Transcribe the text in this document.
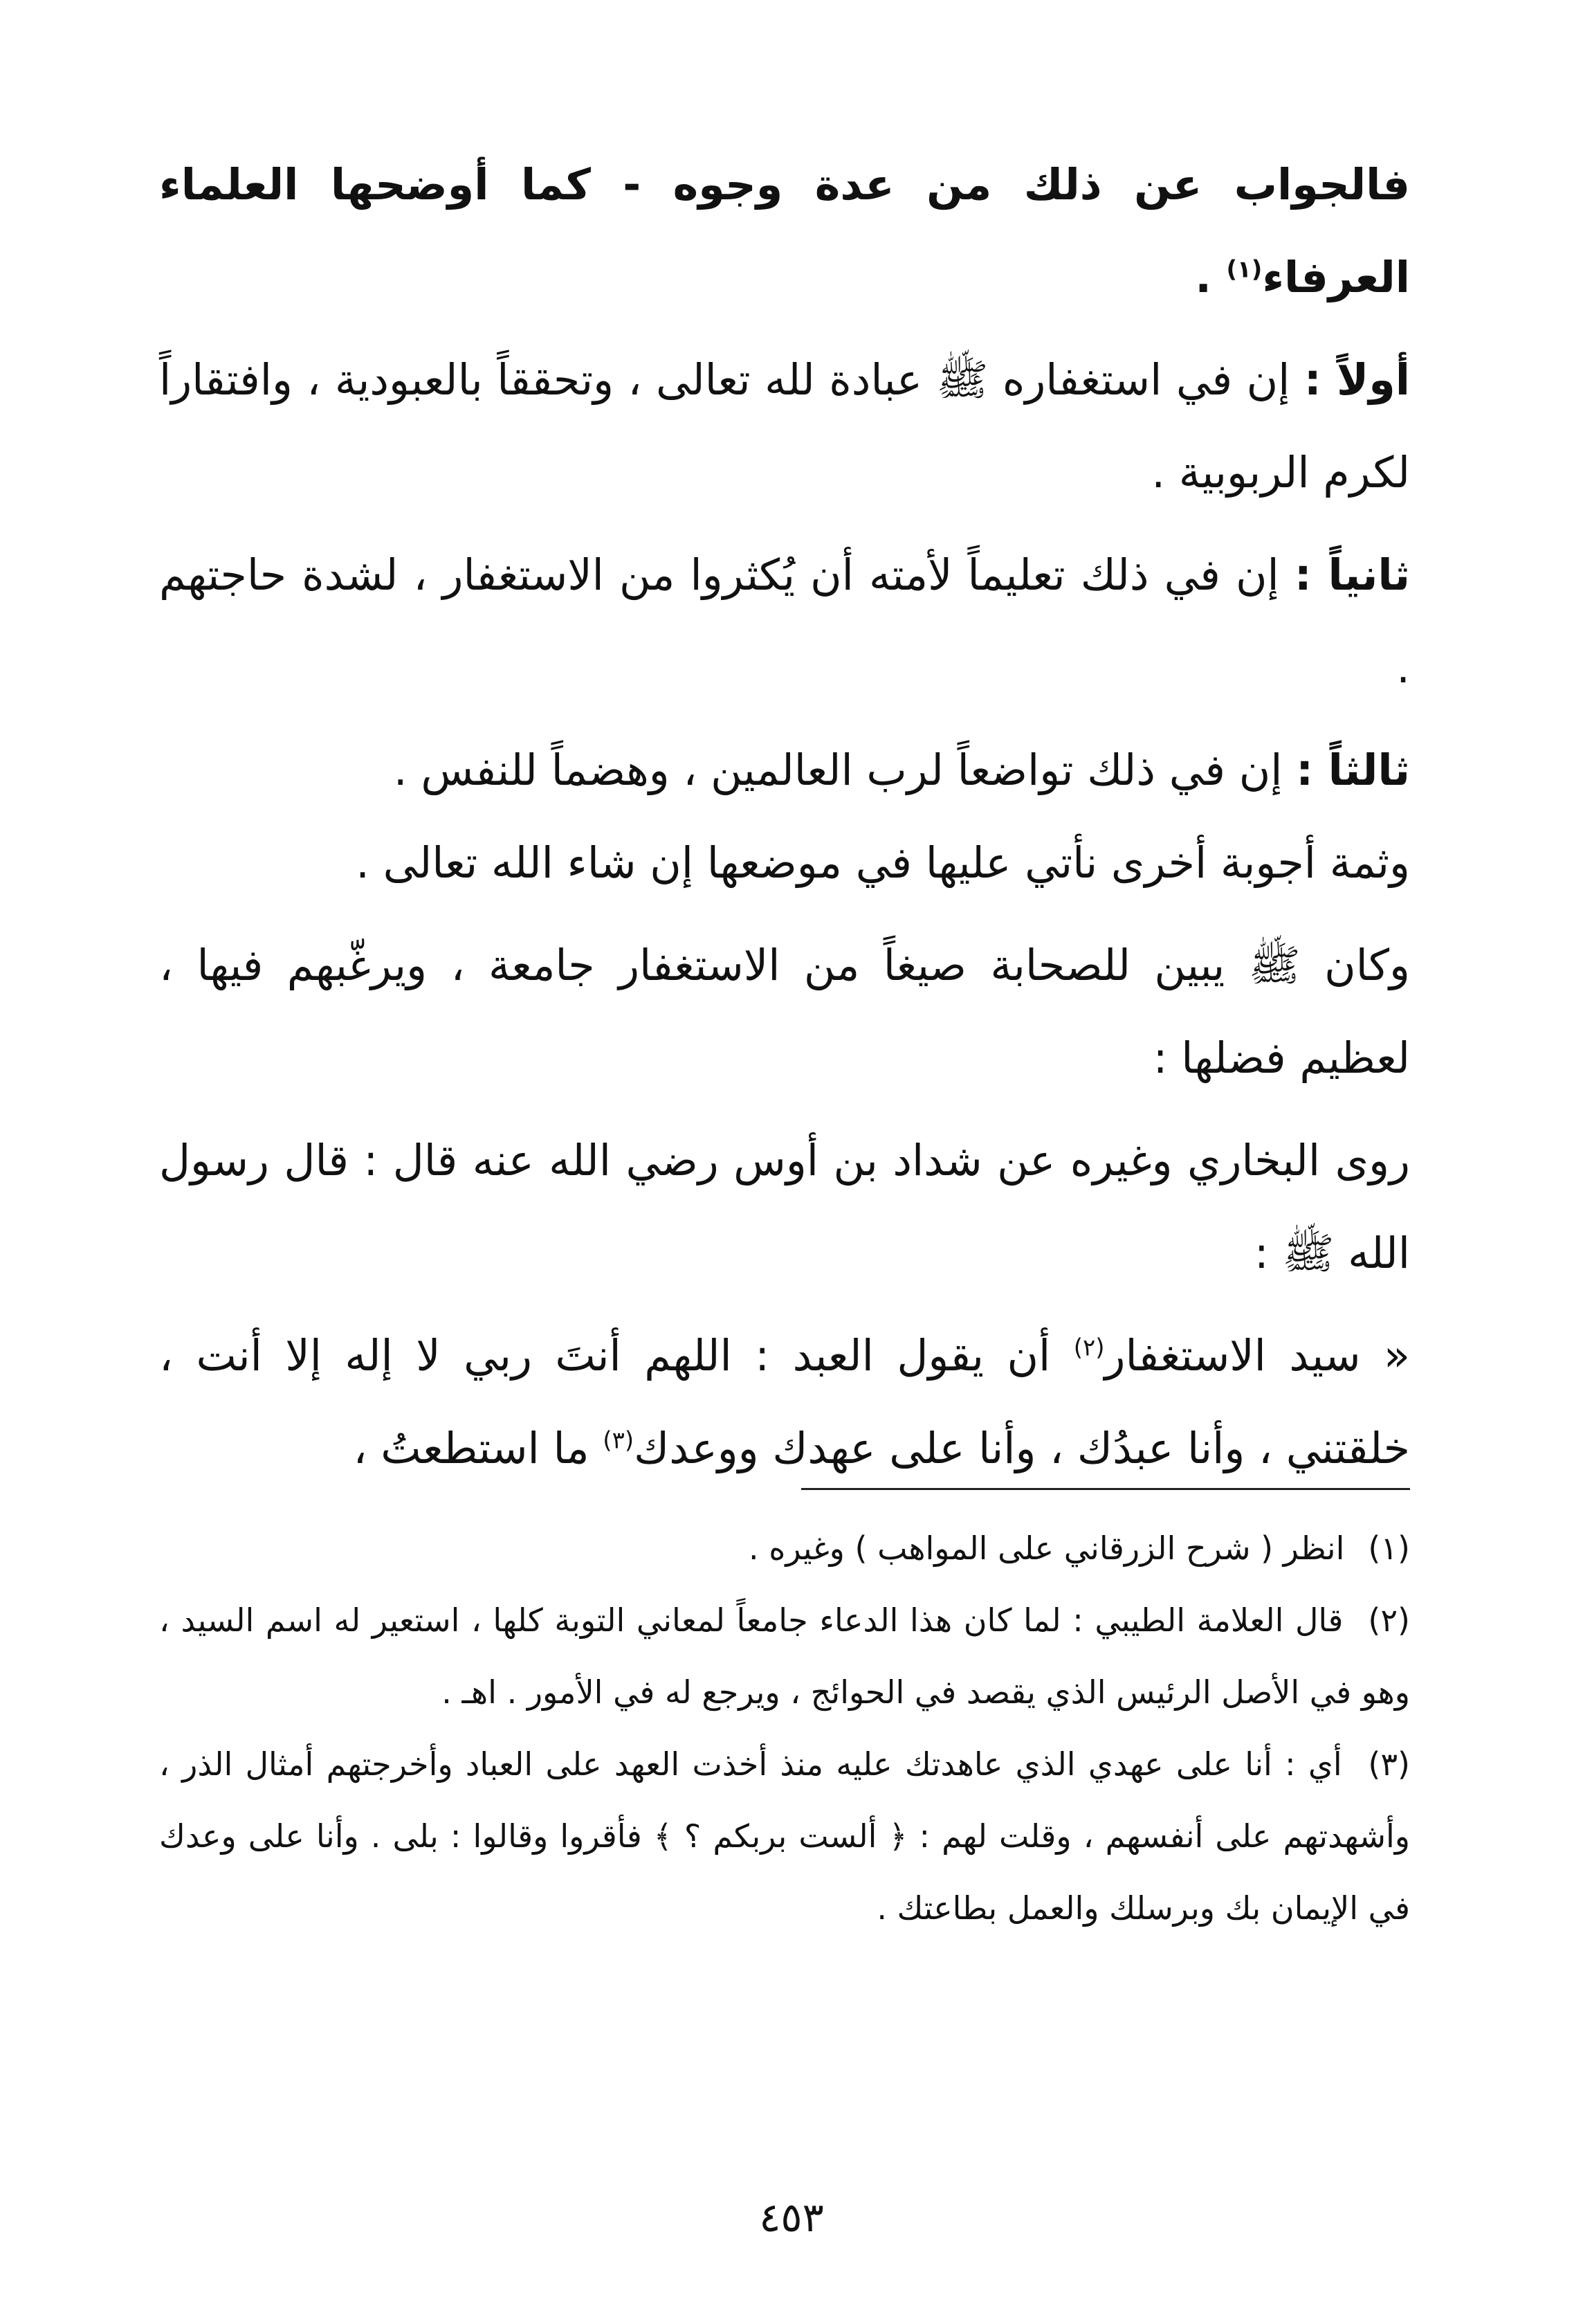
فالجواب عن ذلك من عدة وجوه - كما أوضحها العلماء العرفاء$^{(١)}$ .

أولاً : إن في استغفاره ﷺ عبادة لله تعالى ، وتحققاً بالعبودية ، وافتقاراً لكرم الربوبية .

ثانياً : إن في ذلك تعليماً لأمته أن يُكثروا من الاستغفار ، لشدة حاجتهم .

ثالثاً : إن في ذلك تواضعاً لرب العالمين ، وهضماً للنفس .

وثمة أجوبة أخرى نأتي عليها في موضعها إن شاء الله تعالى .

وكان ﷺ يبين للصحابة صيغاً من الاستغفار جامعة ، ويرغّبهم فيها ، لعظيم فضلها :

روى البخاري وغيره عن شداد بن أوس رضي الله عنه قال : قال رسول الله ﷺ :

« سيد الاستغفار$^{(٢)}$ أن يقول العبد : اللهم أنتَ ربي لا إله إلا أنت ، خلقتني ، وأنا عبدُك ، وأنا على عهدك ووعدك$^{(٣)}$ ما استطعتُ ،

(١) انظر ( شرح الزرقاني على المواهب ) وغيره .

(٢) قال العلامة الطيبي : لما كان هذا الدعاء جامعاً لمعاني التوبة كلها ، استعير له اسم السيد ، وهو في الأصل الرئيس الذي يقصد في الحوائج ، ويرجع له في الأمور . اهـ .

(٣) أي : أنا على عهدي الذي عاهدتك عليه منذ أخذت العهد على العباد وأخرجتهم أمثال الذر ، وأشهدتهم على أنفسهم ، وقلت لهم : ﴿ ألست بربكم ؟ ﴾ فأقروا وقالوا : بلى . وأنا على وعدك في الإيمان بك وبرسلك والعمل بطاعتك .

٤٥٣
